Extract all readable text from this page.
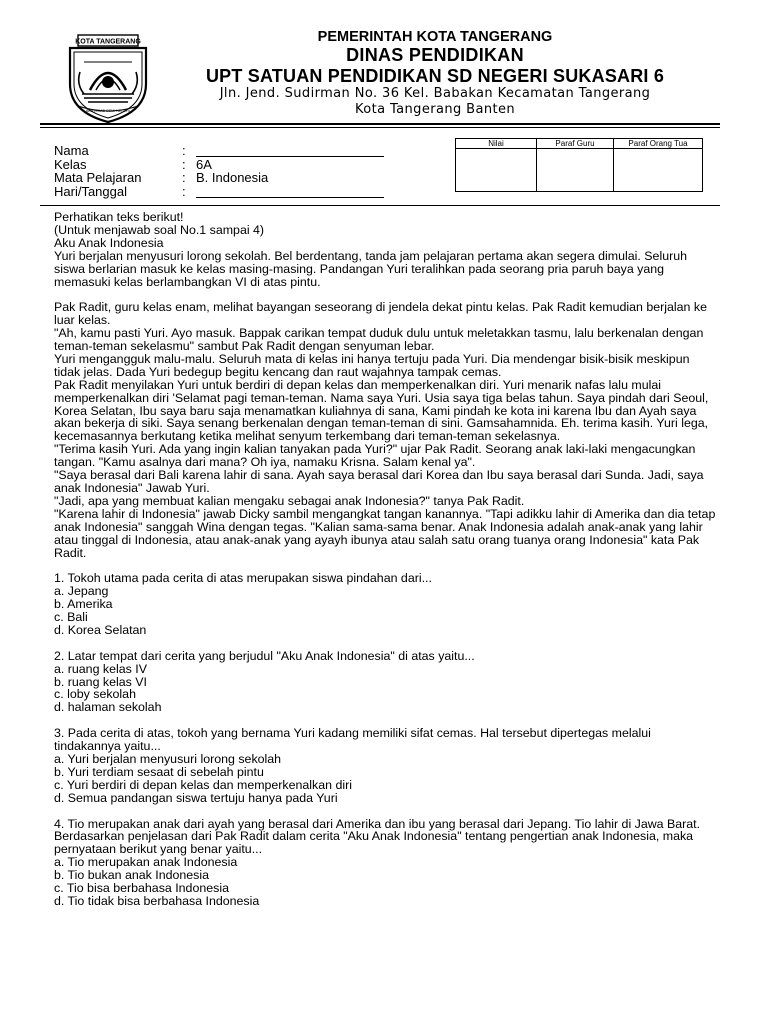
KOTA TANGERANG
BERTEKAD DEMI NEGERI
PEMERINTAH KOTA TANGERANG
DINAS PENDIDIKAN
UPT SATUAN PENDIDIKAN SD NEGERI SUKASARI 6
Jln. Jend. Sudirman No. 36 Kel. Babakan Kecamatan Tangerang
Kota Tangerang Banten
Nama	:
Kelas	: 6A
Mata Pelajaran	: B. Indonesia
Hari/Tanggal	:
Nilai	Paraf Guru	Paraf Orang Tua

Perhatikan teks berikut!

(Untuk menjawab soal No.1 sampai 4)

Aku Anak Indonesia

Yuri berjalan menyusuri lorong sekolah. Bel berdentang, tanda jam pelajaran pertama akan segera dimulai. Seluruh siswa berlarian masuk ke kelas masing-masing. Pandangan Yuri teralihkan pada seorang pria paruh baya yang memasuki kelas berlambangkan VI di atas pintu.

Pak Radit, guru kelas enam, melihat bayangan seseorang di jendela dekat pintu kelas. Pak Radit kemudian berjalan ke luar kelas.

"Ah, kamu pasti Yuri. Ayo masuk. Bappak carikan tempat duduk dulu untuk meletakkan tasmu, lalu berkenalan dengan teman-teman sekelasmu" sambut Pak Radit dengan senyuman lebar.

Yuri mengangguk malu-malu. Seluruh mata di kelas ini hanya tertuju pada Yuri. Dia mendengar bisik-bisik meskipun tidak jelas. Dada Yuri bedegup begitu kencang dan raut wajahnya tampak cemas.

Pak Radit menyilakan Yuri untuk berdiri di depan kelas dan memperkenalkan diri. Yuri menarik nafas lalu mulai memperkenalkan diri 'Selamat pagi teman-teman. Nama saya Yuri. Usia saya tiga belas tahun. Saya pindah dari Seoul, Korea Selatan, Ibu saya baru saja menamatkan kuliahnya di sana, Kami pindah ke kota ini karena Ibu dan Ayah saya akan bekerja di siki. Saya senang berkenalan dengan teman-teman di sini. Gamsahamnida. Eh. terima kasih. Yuri lega, kecemasannya berkutang ketika melihat senyum terkembang dari teman-teman sekelasnya.

"Terima kasih Yuri. Ada yang ingin kalian tanyakan pada Yuri?" ujar Pak Radit. Seorang anak laki-laki mengacungkan tangan. "Kamu asalnya dari mana? Oh iya, namaku Krisna. Salam kenal ya".

"Saya berasal dari Bali karena lahir di sana. Ayah saya berasal dari Korea dan Ibu saya berasal dari Sunda. Jadi, saya anak Indonesia" Jawab Yuri.

"Jadi, apa yang membuat kalian mengaku sebagai anak Indonesia?" tanya Pak Radit.

"Karena lahir di Indonesia" jawab Dicky sambil mengangkat tangan kanannya. "Tapi adikku lahir di Amerika dan dia tetap anak Indonesia" sanggah Wina dengan tegas. "Kalian sama-sama benar. Anak Indonesia adalah anak-anak yang lahir atau tinggal di Indonesia, atau anak-anak yang ayayh ibunya atau salah satu orang tuanya orang Indonesia" kata Pak Radit.

1. Tokoh utama pada cerita di atas merupakan siswa pindahan dari...

a. Jepang

b. Amerika

c. Bali

d. Korea Selatan

2. Latar tempat dari cerita yang berjudul "Aku Anak Indonesia" di atas yaitu...

a. ruang kelas IV

b. ruang kelas VI

c. loby sekolah

d. halaman sekolah

3. Pada cerita di atas, tokoh yang bernama Yuri kadang memiliki sifat cemas. Hal tersebut dipertegas melalui tindakannya yaitu...

a. Yuri berjalan menyusuri lorong sekolah

b. Yuri terdiam sesaat di sebelah pintu

c. Yuri berdiri di depan kelas dan memperkenalkan diri

d. Semua pandangan siswa tertuju hanya pada Yuri

4. Tio merupakan anak dari ayah yang berasal dari Amerika dan ibu yang berasal dari Jepang. Tio lahir di Jawa Barat. Berdasarkan penjelasan dari Pak Radit dalam cerita "Aku Anak Indonesia" tentang pengertian anak Indonesia, maka pernyataan berikut yang benar yaitu...

a. Tio merupakan anak Indonesia

b. Tio bukan anak Indonesia

c. Tio bisa berbahasa Indonesia

d. Tio tidak bisa berbahasa Indonesia
